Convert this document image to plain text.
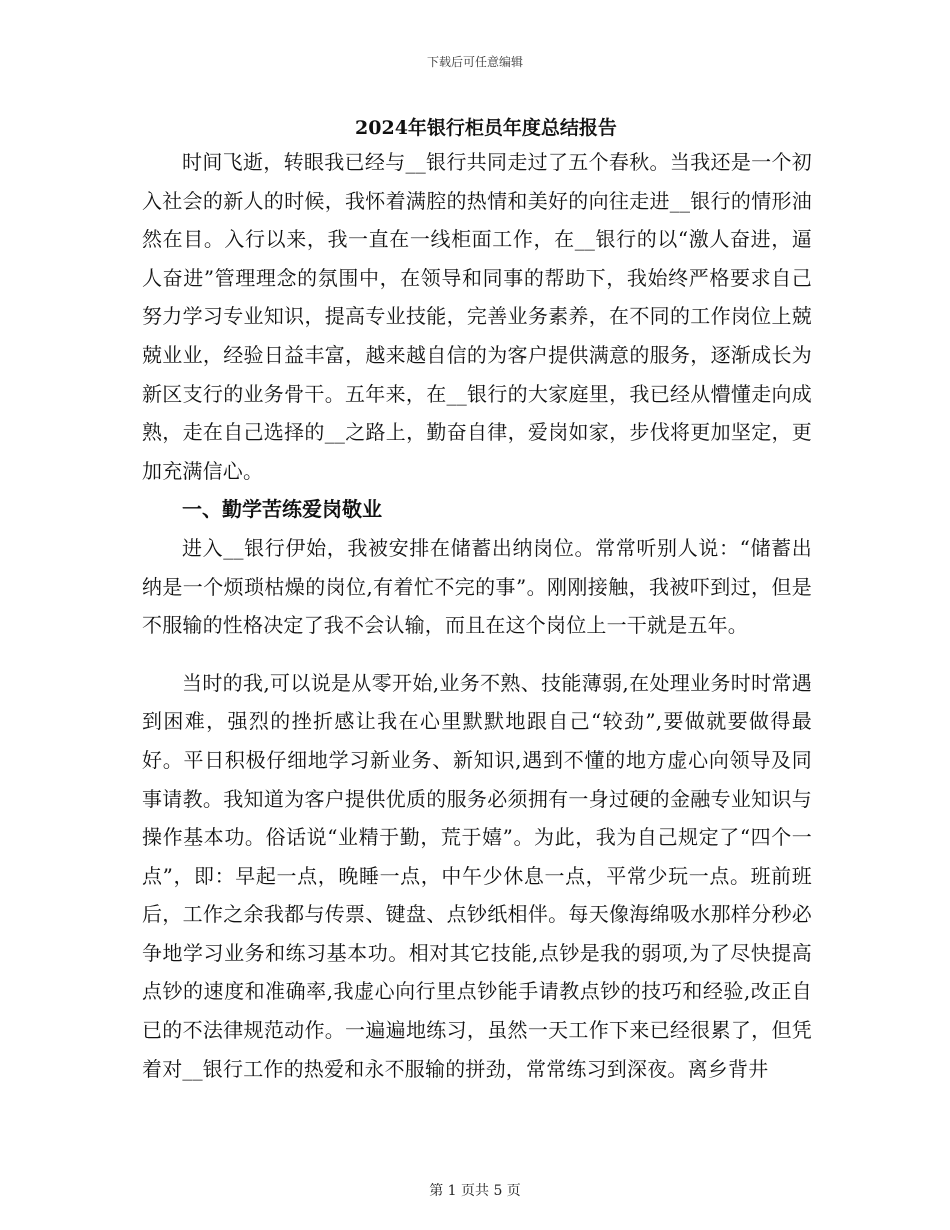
下载后可任意编辑
2024年银行柜员年度总结报告

时间飞逝，转眼我已经与__银行共同走过了五个春秋。当我还是一个初入社会的新人的时候，我怀着满腔的热情和美好的向往走进__银行的情形油然在目。入行以来，我一直在一线柜面工作，在__银行的以“激人奋进，逼人奋进”管理理念的氛围中，在领导和同事的帮助下，我始终严格要求自己努力学习专业知识，提高专业技能，完善业务素养，在不同的工作岗位上兢兢业业，经验日益丰富，越来越自信的为客户提供满意的服务，逐渐成长为新区支行的业务骨干。五年来，在__银行的大家庭里，我已经从懵懂走向成熟，走在自己选择的__之路上，勤奋自律，爱岗如家，步伐将更加坚定，更加充满信心。

一、勤学苦练爱岗敬业

进入__银行伊始，我被安排在储蓄出纳岗位。常常听别人说：“储蓄出纳是一个烦琐枯燥的岗位,有着忙不完的事”。刚刚接触，我被吓到过，但是不服输的性格决定了我不会认输，而且在这个岗位上一干就是五年。

当时的我,可以说是从零开始,业务不熟、技能薄弱,在处理业务时时常遇到困难，强烈的挫折感让我在心里默默地跟自己“较劲”,要做就要做得最好。平日积极仔细地学习新业务、新知识,遇到不懂的地方虚心向领导及同事请教。我知道为客户提供优质的服务必须拥有一身过硬的金融专业知识与操作基本功。俗话说“业精于勤，荒于嬉”。为此，我为自己规定了“四个一点”，即：早起一点，晚睡一点，中午少休息一点，平常少玩一点。班前班后，工作之余我都与传票、键盘、点钞纸相伴。每天像海绵吸水那样分秒必争地学习业务和练习基本功。相对其它技能,点钞是我的弱项,为了尽快提高点钞的速度和准确率,我虚心向行里点钞能手请教点钞的技巧和经验,改正自已的不法律规范动作。一遍遍地练习，虽然一天工作下来已经很累了，但凭着对__银行工作的热爱和永不服输的拼劲，常常练习到深夜。离乡背井

第 1 页共 5 页
